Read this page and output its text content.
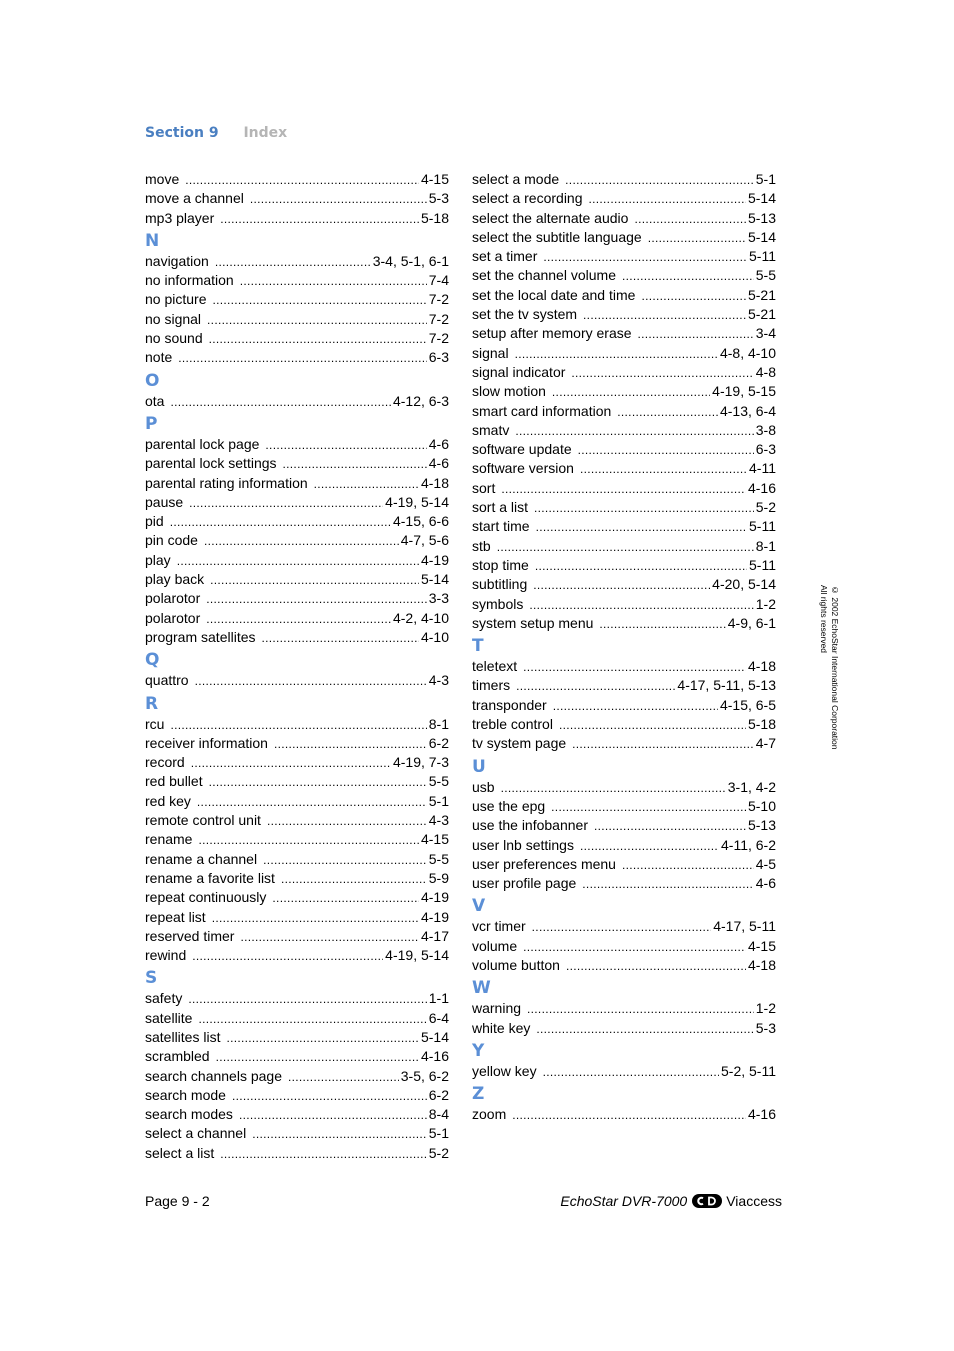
Section 9 Index
move .....	4-15
move a channel .....	5-3
mp3 player .....	5-18
N
navigation .....	3-4, 5-1, 6-1
no information .....	7-4
no picture .....	7-2
no signal .....	7-2
no sound .....	7-2
note .....	6-3
O
ota .....	4-12, 6-3
P
parental lock page .....	4-6
parental lock settings .....	4-6
parental rating information .....	4-18
pause .....	4-19, 5-14
pid .....	4-15, 6-6
pin code .....	4-7, 5-6
play .....	4-19
play back .....	5-14
polarotor .....	3-3
polarotor .....	4-2, 4-10
program satellites .....	4-10
Q
quattro .....	4-3
R
rcu .....	8-1
receiver information .....	6-2
record .....	4-19, 7-3
red bullet .....	5-5
red key .....	5-1
remote control unit .....	4-3
rename .....	4-15
rename a channel .....	5-5
rename a favorite list .....	5-9
repeat continuously .....	4-19
repeat list .....	4-19
reserved timer .....	4-17
rewind .....	4-19, 5-14
S
safety .....	1-1
satellite .....	6-4
satellites list .....	5-14
scrambled .....	4-16
search channels page .....	3-5, 6-2
search mode .....	6-2
search modes .....	8-4
select a channel .....	5-1
select a list .....	5-2
select a mode .....	5-1
select a recording .....	5-14
select the alternate audio .....	5-13
select the subtitle language .....	5-14
set a timer .....	5-11
set the channel volume .....	5-5
set the local date and time .....	5-21
set the tv system .....	5-21
setup after memory erase .....	3-4
signal .....	4-8, 4-10
signal indicator .....	4-8
slow motion .....	4-19, 5-15
smart card information .....	4-13, 6-4
smatv .....	3-8
software update .....	6-3
software version .....	4-11
sort .....	4-16
sort a list .....	5-2
start time .....	5-11
stb .....	8-1
stop time .....	5-11
subtitling .....	4-20, 5-14
symbols .....	1-2
system setup menu .....	4-9, 6-1
T
teletext .....	4-18
timers .....	4-17, 5-11, 5-13
transponder .....	4-15, 6-5
treble control .....	5-18
tv system page .....	4-7
U
usb .....	3-1, 4-2
use the epg .....	5-10
use the infobanner .....	5-13
user lnb settings .....	4-11, 6-2
user preferences menu .....	4-5
user profile page .....	4-6
V
vcr timer .....	4-17, 5-11
volume .....	4-15
volume button .....	4-18
W
warning .....	1-2
white key .....	5-3
Y
yellow key .....	5-2, 5-11
Z
zoom .....	4-16
© 2002 EchoStar International Corporation
All rights reserved
Page 9 - 2	EchoStar DVR-7000	Viaccess
